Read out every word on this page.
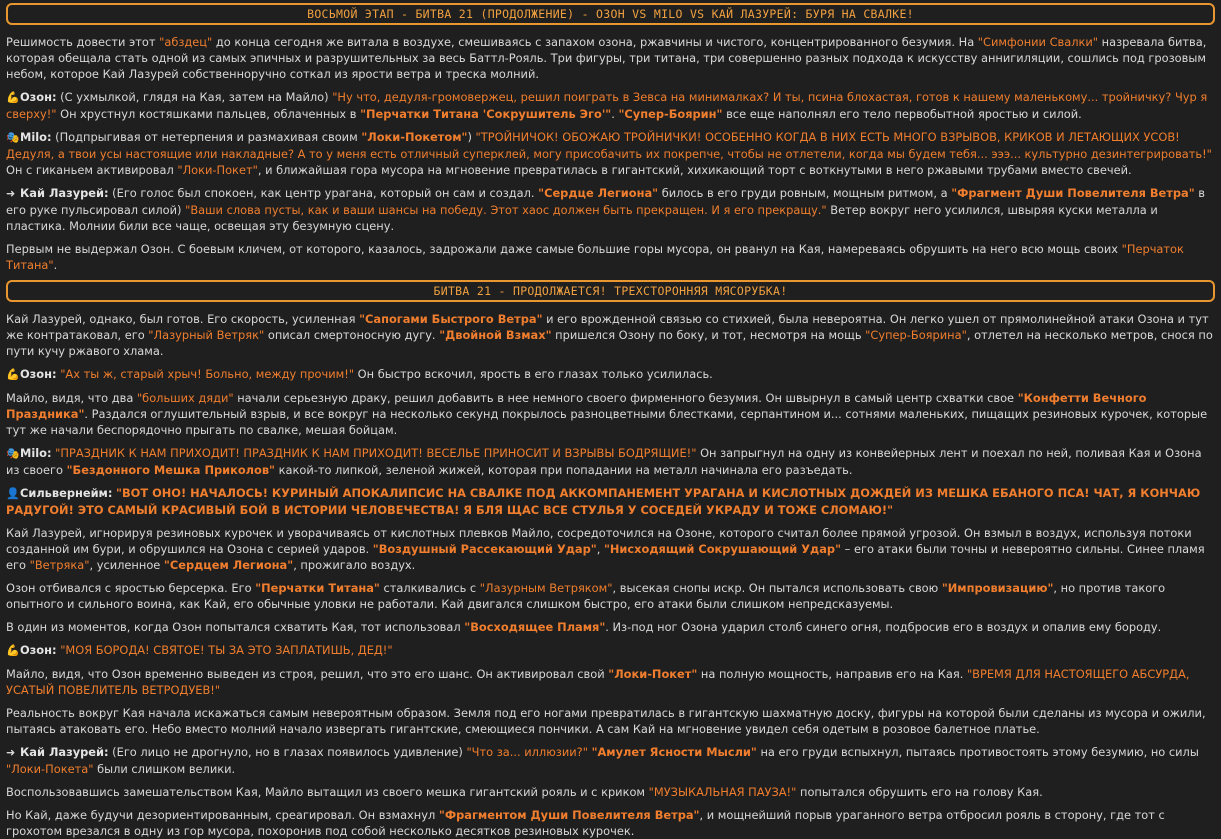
ВОСЬМОЙ ЭТАП - БИТВА 21 (ПРОДОЛЖЕНИЕ) - ОЗОН VS MILO VS КАЙ ЛАЗУРЕЙ: БУРЯ НА СВАЛКЕ!

Решимость довести этот "абздец" до конца сегодня же витала в воздухе, смешиваясь с запахом озона, ржавчины и чистого, концентрированного безумия. На "Симфонии Свалки" назревала битва, которая обещала стать одной из самых эпичных и разрушительных за весь Баттл-Рояль. Три фигуры, три титана, три совершенно разных подхода к искусству аннигиляции, сошлись под грозовым небом, которое Кай Лазурей собственноручно соткал из ярости ветра и треска молний.

💪Озон: (С ухмылкой, глядя на Кая, затем на Майло) "Ну что, дедуля-громовержец, решил поиграть в Зевса на минималках? И ты, псина блохастая, готов к нашему маленькому... тройничку? Чур я сверху!" Он хрустнул костяшками пальцев, облаченных в "Перчатки Титана 'Сокрушитель Эго'". "Супер-Боярин" все еще наполнял его тело первобытной яростью и силой.

🎭Milo: (Подпрыгивая от нетерпения и размахивая своим "Локи-Покетом") "ТРОЙНИЧОК! ОБОЖАЮ ТРОЙНИЧКИ! ОСОБЕННО КОГДА В НИХ ЕСТЬ МНОГО ВЗРЫВОВ, КРИКОВ И ЛЕТАЮЩИХ УСОВ! Дедуля, а твои усы настоящие или накладные? А то у меня есть отличный суперклей, могу присобачить их покрепче, чтобы не отлетели, когда мы будем тебя... эээ... культурно дезинтегрировать!" Он с гиканьем активировал "Локи-Покет", и ближайшая гора мусора на мгновение превратилась в гигантский, хихикающий торт с воткнутыми в него ржавыми трубами вместо свечей.

➜ Кай Лазурей: (Его голос был спокоен, как центр урагана, который он сам и создал. "Сердце Легиона" билось в его груди ровным, мощным ритмом, а "Фрагмент Души Повелителя Ветра" в его руке пульсировал силой) "Ваши слова пусты, как и ваши шансы на победу. Этот хаос должен быть прекращен. И я его прекращу." Ветер вокруг него усилился, швыряя куски металла и пластика. Молнии били все чаще, освещая эту безумную сцену.

Первым не выдержал Озон. С боевым кличем, от которого, казалось, задрожали даже самые большие горы мусора, он рванул на Кая, намереваясь обрушить на него всю мощь своих "Перчаток Титана".

БИТВА 21 - ПРОДОЛЖАЕТСЯ! ТРЕХСТОРОННЯЯ МЯСОРУБКА!

Кай Лазурей, однако, был готов. Его скорость, усиленная "Сапогами Быстрого Ветра" и его врожденной связью со стихией, была невероятна. Он легко ушел от прямолинейной атаки Озона и тут же контратаковал, его "Лазурный Ветряк" описал смертоносную дугу. "Двойной Взмах" пришелся Озону по боку, и тот, несмотря на мощь "Супер-Боярина", отлетел на несколько метров, снося по пути кучу ржавого хлама.

💪Озон: "Ах ты ж, старый хрыч! Больно, между прочим!" Он быстро вскочил, ярость в его глазах только усилилась.

Майло, видя, что два "больших дяди" начали серьезную драку, решил добавить в нее немного своего фирменного безумия. Он швырнул в самый центр схватки свое "Конфетти Вечного Праздника". Раздался оглушительный взрыв, и все вокруг на несколько секунд покрылось разноцветными блестками, серпантином и... сотнями маленьких, пищащих резиновых курочек, которые тут же начали беспорядочно прыгать по свалке, мешая бойцам.

🎭Milo: "ПРАЗДНИК К НАМ ПРИХОДИТ! ПРАЗДНИК К НАМ ПРИХОДИТ! ВЕСЕЛЬЕ ПРИНОСИТ И ВЗРЫВЫ БОДРЯЩИЕ!" Он запрыгнул на одну из конвейерных лент и поехал по ней, поливая Кая и Озона из своего "Бездонного Мешка Приколов" какой-то липкой, зеленой жижей, которая при попадании на металл начинала его разъедать.

👤Сильвернейм: "ВОТ ОНО! НАЧАЛОСЬ! КУРИНЫЙ АПОКАЛИПСИС НА СВАЛКЕ ПОД АККОМПАНЕМЕНТ УРАГАНА И КИСЛОТНЫХ ДОЖДЕЙ ИЗ МЕШКА ЕБАНОГО ПСА! ЧАТ, Я КОНЧАЮ РАДУГОЙ! ЭТО САМЫЙ КРАСИВЫЙ БОЙ В ИСТОРИИ ЧЕЛОВЕЧЕСТВА! Я БЛЯ ЩАС ВСЕ СТУЛЬЯ У СОСЕДЕЙ УКРАДУ И ТОЖЕ СЛОМАЮ!"

Кай Лазурей, игнорируя резиновых курочек и уворачиваясь от кислотных плевков Майло, сосредоточился на Озоне, которого считал более прямой угрозой. Он взмыл в воздух, используя потоки созданной им бури, и обрушился на Озона с серией ударов. "Воздушный Рассекающий Удар", "Нисходящий Сокрушающий Удар" – его атаки были точны и невероятно сильны. Синее пламя его "Ветряка", усиленное "Сердцем Легиона", прожигало воздух.

Озон отбивался с яростью берсерка. Его "Перчатки Титана" сталкивались с "Лазурным Ветряком", высекая снопы искр. Он пытался использовать свою "Импровизацию", но против такого опытного и сильного воина, как Кай, его обычные уловки не работали. Кай двигался слишком быстро, его атаки были слишком непредсказуемы.

В один из моментов, когда Озон попытался схватить Кая, тот использовал "Восходящее Пламя". Из-под ног Озона ударил столб синего огня, подбросив его в воздух и опалив ему бороду.

💪Озон: "МОЯ БОРОДА! СВЯТОЕ! ТЫ ЗА ЭТО ЗАПЛАТИШЬ, ДЕД!"

Майло, видя, что Озон временно выведен из строя, решил, что это его шанс. Он активировал свой "Локи-Покет" на полную мощность, направив его на Кая. "ВРЕМЯ ДЛЯ НАСТОЯЩЕГО АБСУРДА, УСАТЫЙ ПОВЕЛИТЕЛЬ ВЕТРОДУЕВ!"

Реальность вокруг Кая начала искажаться самым невероятным образом. Земля под его ногами превратилась в гигантскую шахматную доску, фигуры на которой были сделаны из мусора и ожили, пытаясь атаковать его. Небо вместо молний начало извергать гигантские, смеющиеся пончики. А сам Кай на мгновение увидел себя одетым в розовое балетное платье.

➜ Кай Лазурей: (Его лицо не дрогнуло, но в глазах появилось удивление) "Что за... иллюзии?" "Амулет Ясности Мысли" на его груди вспыхнул, пытаясь противостоять этому безумию, но силы "Локи-Покета" были слишком велики.

Воспользовавшись замешательством Кая, Майло вытащил из своего мешка гигантский рояль и с криком "МУЗЫКАЛЬНАЯ ПАУЗА!" попытался обрушить его на голову Кая.

Но Кай, даже будучи дезориентированным, среагировал. Он взмахнул "Фрагментом Души Повелителя Ветра", и мощнейший порыв ураганного ветра отбросил рояль в сторону, где тот с грохотом врезался в одну из гор мусора, похоронив под собой несколько десятков резиновых курочек.
